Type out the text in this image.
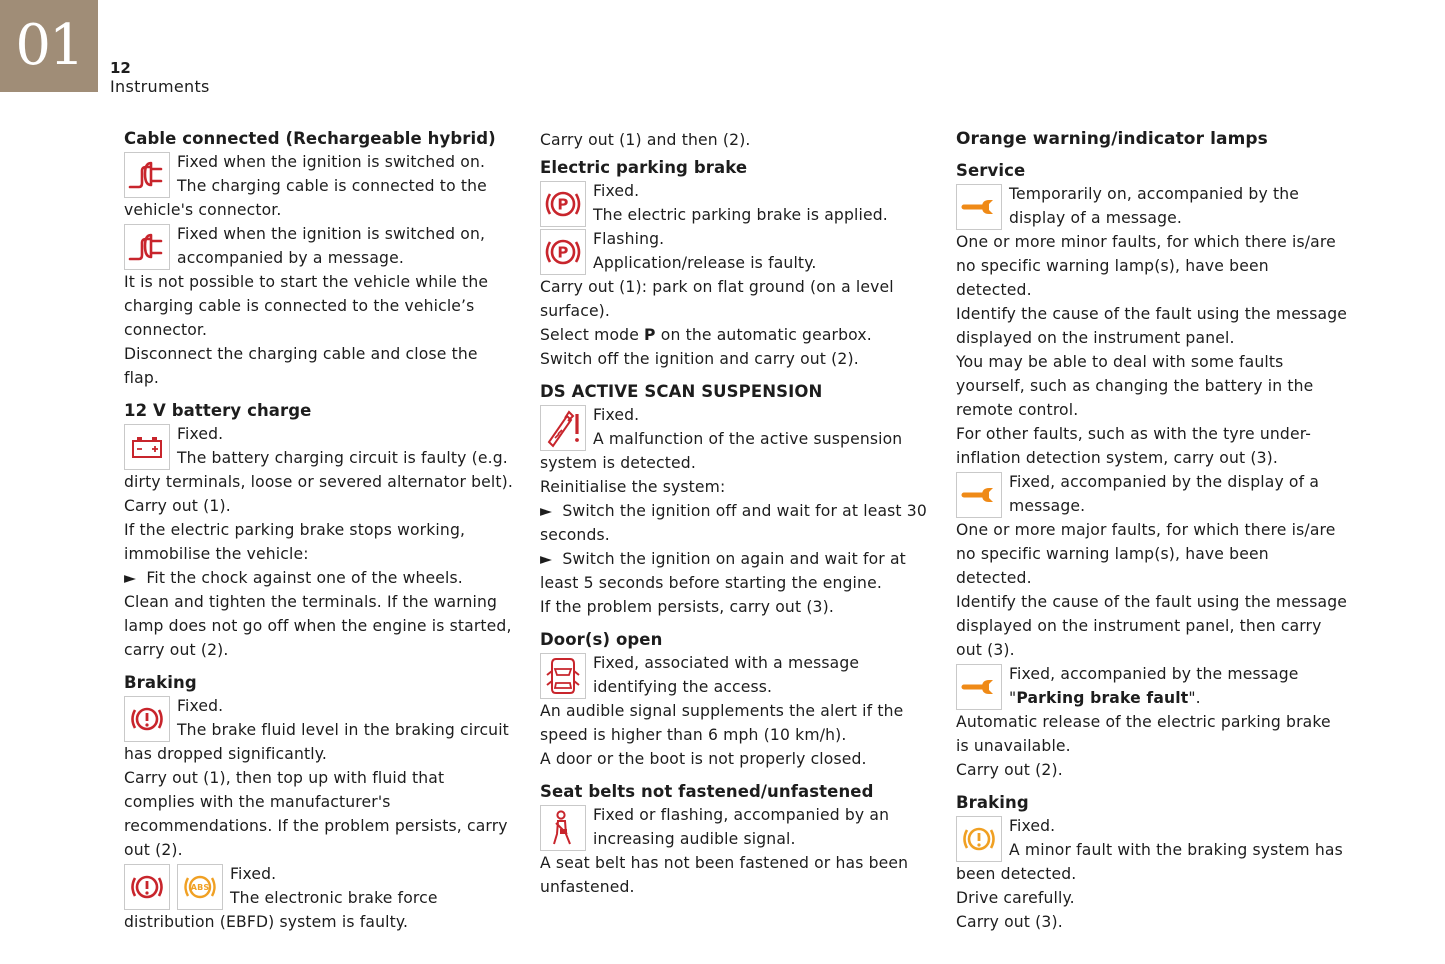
01	12
Instruments
Cable connected (Rechargeable hybrid)

Fixed when the ignition is switched on.

The charging cable is connected to the vehicle's connector.

Fixed when the ignition is switched on,

accompanied by a message.

It is not possible to start the vehicle while the charging cable is connected to the vehicle’s connector.

Disconnect the charging cable and close the flap.

12 V battery charge

Fixed.

The battery charging circuit is faulty (e.g. dirty terminals, loose or severed alternator belt).

Carry out (1).

If the electric parking brake stops working, immobilise the vehicle:

► Fit the chock against one of the wheels.

Clean and tighten the terminals. If the warning lamp does not go off when the engine is started, carry out (2).

Braking

Fixed.

The brake fluid level in the braking circuit has dropped significantly.

Carry out (1), then top up with fluid that complies with the manufacturer's recommendations. If the problem persists, carry out (2).

ABS

Fixed.

The electronic brake force distribution (EBFD) system is faulty.

Carry out (1) and then (2).

Electric parking brake
P

Fixed.

The electric parking brake is applied.

P

Flashing.

Application/release is faulty.

Carry out (1): park on flat ground (on a level surface).

Select mode P on the automatic gearbox.

Switch off the ignition and carry out (2).

DS ACTIVE SCAN SUSPENSION

Fixed.

A malfunction of the active suspension system is detected.

Reinitialise the system:

► Switch the ignition off and wait for at least 30 seconds.

► Switch the ignition on again and wait for at least 5 seconds before starting the engine.

If the problem persists, carry out (3).

Door(s) open

Fixed, associated with a message

identifying the access.

An audible signal supplements the alert if the speed is higher than 6 mph (10 km/h).

A door or the boot is not properly closed.

Seat belts not fastened/unfastened

Fixed or flashing, accompanied by an

increasing audible signal.

A seat belt has not been fastened or has been unfastened.

Orange warning/indicator lamps
Service

Temporarily on, accompanied by the

display of a message.

One or more minor faults, for which there is/are no specific warning lamp(s), have been detected.

Identify the cause of the fault using the message displayed on the instrument panel.

You may be able to deal with some faults yourself, such as changing the battery in the remote control.

For other faults, such as with the tyre under-inflation detection system, carry out (3).

Fixed, accompanied by the display of a

message.

One or more major faults, for which there is/are no specific warning lamp(s), have been detected.

Identify the cause of the fault using the message displayed on the instrument panel, then carry out (3).

Fixed, accompanied by the message

"Parking brake fault".

Automatic release of the electric parking brake is unavailable.

Carry out (2).

Braking

Fixed.

A minor fault with the braking system has been detected.

Drive carefully.

Carry out (3).
